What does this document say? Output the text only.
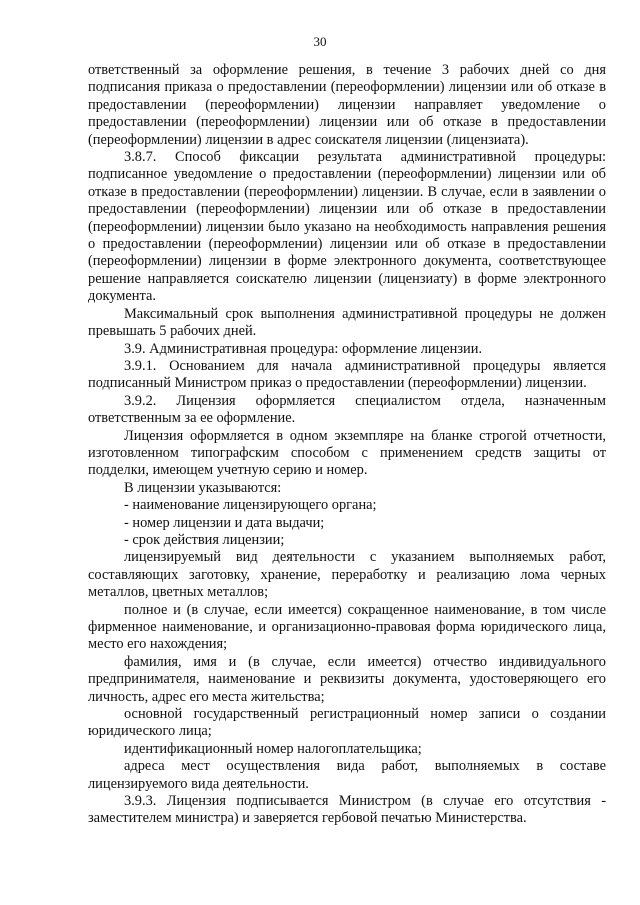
30

ответственный за оформление решения, в течение 3 рабочих дней со дня подписания приказа о предоставлении (переоформлении) лицензии или об отказе в предоставлении (переоформлении) лицензии направляет уведомление о предоставлении (переоформлении) лицензии или об отказе в предоставлении (переоформлении) лицензии в адрес соискателя лицензии (лицензиата).

3.8.7. Способ фиксации результата административной процедуры: подписанное уведомление о предоставлении (переоформлении) лицензии или об отказе в предоставлении (переоформлении) лицензии. В случае, если в заявлении о предоставлении (переоформлении) лицензии или об отказе в предоставлении (переоформлении) лицензии было указано на необходимость направления решения о предоставлении (переоформлении) лицензии или об отказе в предоставлении (переоформлении) лицензии в форме электронного документа, соответствующее решение направляется соискателю лицензии (лицензиату) в форме электронного документа.

Максимальный срок выполнения административной процедуры не должен превышать 5 рабочих дней.

3.9. Административная процедура: оформление лицензии.

3.9.1. Основанием для начала административной процедуры является подписанный Министром приказ о предоставлении (переоформлении) лицензии.

3.9.2. Лицензия оформляется специалистом отдела, назначенным ответственным за ее оформление.

Лицензия оформляется в одном экземпляре на бланке строгой отчетности, изготовленном типографским способом с применением средств защиты от подделки, имеющем учетную серию и номер.

В лицензии указываются:

- наименование лицензирующего органа;

- номер лицензии и дата выдачи;

- срок действия лицензии;

лицензируемый вид деятельности с указанием выполняемых работ, составляющих заготовку, хранение, переработку и реализацию лома черных металлов, цветных металлов;

полное и (в случае, если имеется) сокращенное наименование, в том числе фирменное наименование, и организационно-правовая форма юридического лица, место его нахождения;

фамилия, имя и (в случае, если имеется) отчество индивидуального предпринимателя, наименование и реквизиты документа, удостоверяющего его личность, адрес его места жительства;

основной государственный регистрационный номер записи о создании юридического лица;

идентификационный номер налогоплательщика;

адреса мест осуществления вида работ, выполняемых в составе лицензируемого вида деятельности.

3.9.3. Лицензия подписывается Министром (в случае его отсутствия - заместителем министра) и заверяется гербовой печатью Министерства.
